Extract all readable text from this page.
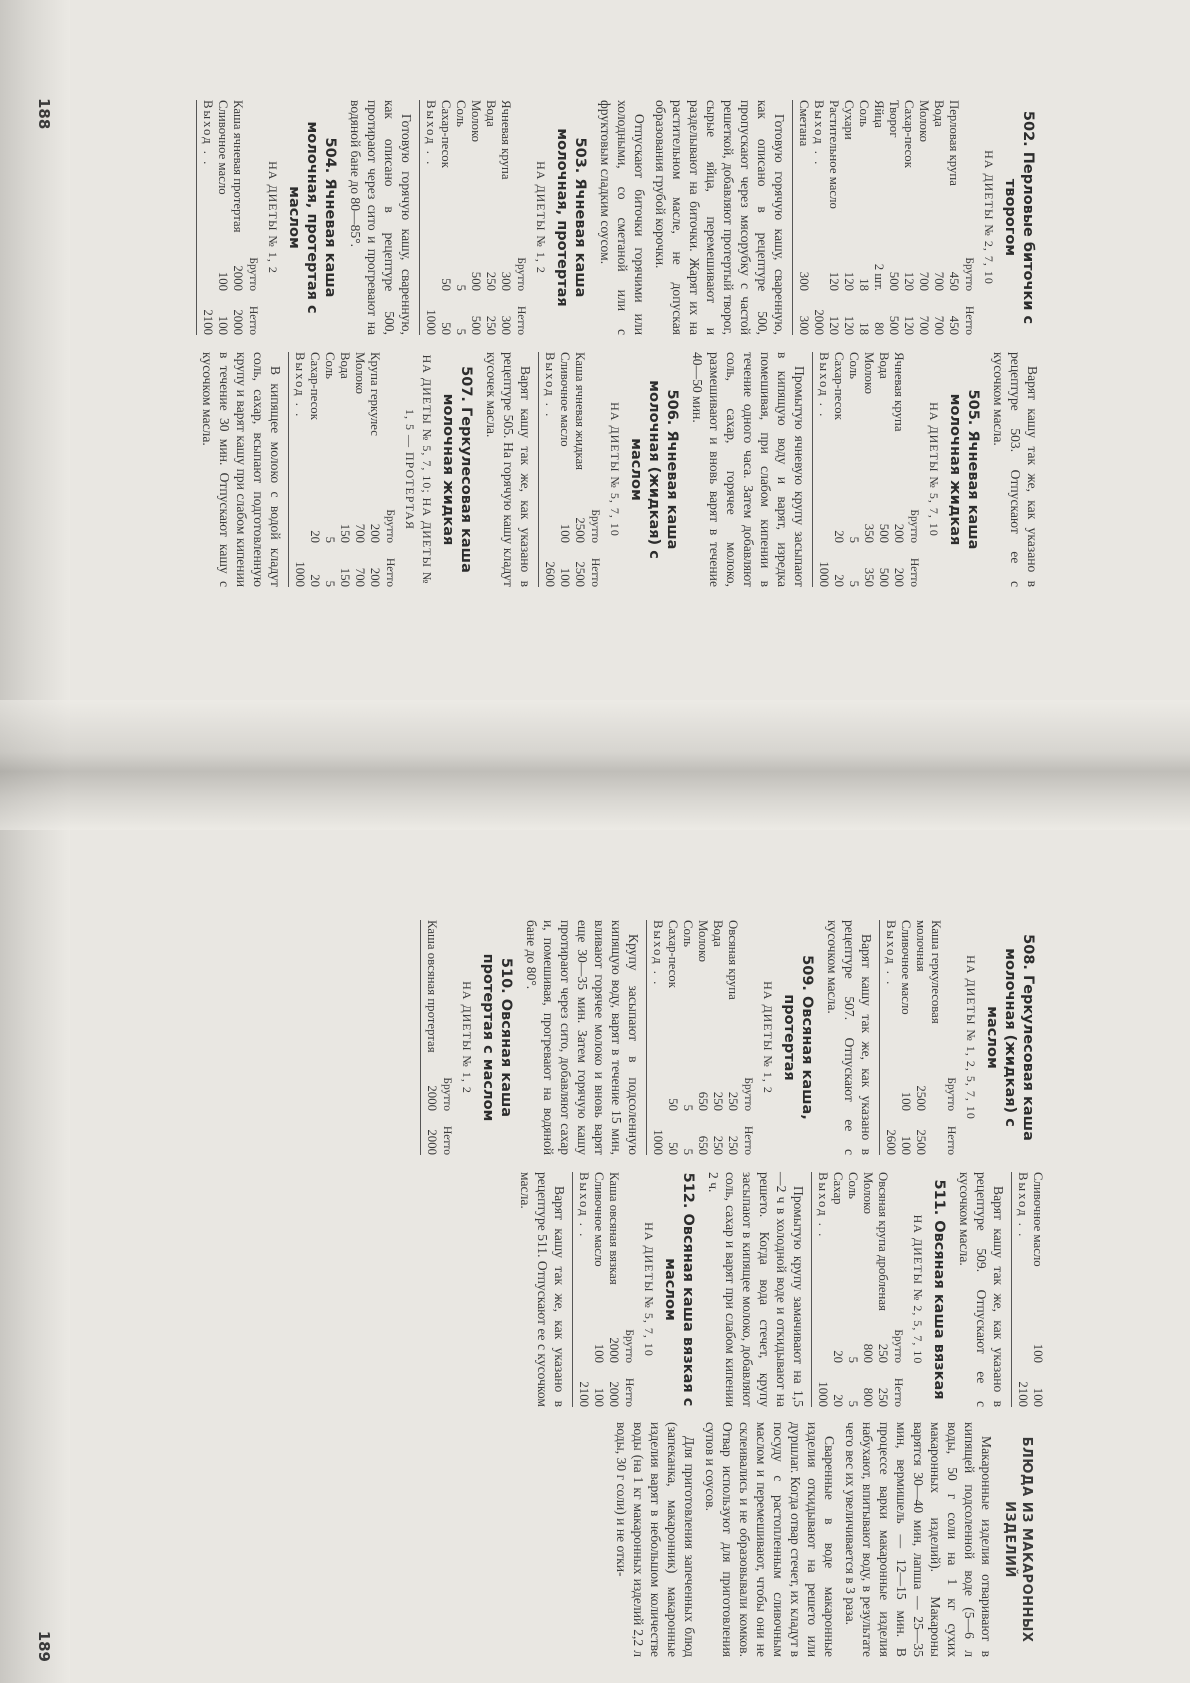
502. Перловые биточки с творогом
НА ДИЕТЫ № 2, 7, 10
	Брутто	Нетто
Перловая крупа	450	450
Вода	700	700
Молоко	700	700
Сахар-песок	120	120
Творог	500	500
Яйца	2 шт.	80
Соль	18	18
Сухари	120	120
Растительное масло	120	120
Выход . .		2000
Сметана	300	300

Готовую горячую кашу, сваренную, как описано в рецептуре 500, пропускают через мясорубку с частой решеткой, добавляют протертый творог, сырые яйца, перемешивают и разделывают на биточки. Жарят их на растительном масле, не допуская образования грубой корочки.

Отпускают биточки горячими или холодными, со сметаной или с фруктовым сладким соусом.

503. Ячневая каша молочная, протертая
НА ДИЕТЫ № 1, 2
	Брутто	Нетто
Ячневая крупа	300	300
Вода	250	250
Молоко	500	500
Соль	5	5
Сахар-песок	50	50
Выход . .		1000

Готовую горячую кашу, сваренную, как описано в рецептуре 500, протирают через сито и прогревают на водяной бане до 80—85°.

504. Ячневая каша молочная, протертая с маслом
НА ДИЕТЫ № 1, 2
	Брутто	Нетто
Каша ячневая протертая	2000	2000
Сливочное масло	100	100
Выход . .		2100

Варят кашу так же, как указано в рецептуре 503. Отпускают ее с кусочком масла.

505. Ячневая каша молочная жидкая
НА ДИЕТЫ № 5, 7, 10
	Брутто	Нетто
Ячневая крупа	200	200
Вода	500	500
Молоко	350	350
Соль	5	5
Сахар-песок	20	20
Выход . .		1000

Промытую ячневую крупу засыпают в кипящую воду и варят, изредка помешивая, при слабом кипении в течение одного часа. Затем добавляют соль, сахар, горячее молоко, размешивают и вновь варят в течение 40—50 мин.

506. Ячневая каша молочная (жидкая) с маслом
НА ДИЕТЫ № 5, 7, 10
	Брутто	Нетто
Каша ячневая жидкая	2500	2500
Сливочное масло	100	100
Выход . .		2600

Варят кашу так же, как указано в рецептуре 505. На горячую кашу кладут кусочек масла.

507. Геркулесовая каша молочная жидкая
НА ДИЕТЫ № 5, 7, 10; НА ДИЕТЫ № 1, 5 — ПРОТЕРТАЯ
	Брутто	Нетто
Крупа геркулес	200	200
Молоко	700	700
Вода	150	150
Соль	5	5
Сахар-песок	20	20
Выход . .		1000

В кипящее молоко с водой кладут соль, сахар, всыпают подготовленную крупу и варят кашу при слабом кипении в течение 30 мин. Отпускают кашу с кусочком масла.

188
508. Геркулесовая каша молочная (жидкая) с маслом
НА ДИЕТЫ № 1, 2, 5, 7, 10
	Брутто	Нетто
Каша геркулесовая молочная	2500	2500
Сливочное масло	100	100
Выход . .		2600

Варят кашу так же, как указано в рецептуре 507. Отпускают ее с кусочком масла.

509. Овсяная каша, протертая
НА ДИЕТЫ № 1, 2
	Брутто	Нетто
Овсяная крупа	250	250
Вода	250	250
Молоко	650	650
Соль	5	5
Сахар-песок	50	50
Выход . .		1000

Крупу засыпают в подсоленную кипящую воду, варят в течение 15 мин, вливают горячее молоко и вновь варят еще 30—35 мин. Затем горячую кашу протирают через сито, добавляют сахар и, помешивая, прогревают на водяной бане до 80°.

510. Овсяная каша протертая с маслом
НА ДИЕТЫ № 1, 2
	Брутто	Нетто
Каша овсяная протертая	2000	2000
Сливочное масло	100	100
Выход . .		2100

Варят кашу так же, как указано в рецептуре 509. Отпускают ее с кусочком масла.

511. Овсяная каша вязкая
НА ДИЕТЫ № 2, 5, 7, 10
	Брутто	Нетто
Овсяная крупа дробленая	250	250
Молоко	800	800
Соль	5	5
Сахар	20	20
Выход . .		1000

Промытую крупу замачивают на 1,5—2 ч в холодной воде и откидывают на решето. Когда вода стечет, крупу засыпают в кипящее молоко, добавляют соль, сахар и варят при слабом кипении 2 ч.

512. Овсяная каша вязкая с маслом
НА ДИЕТЫ № 5, 7, 10
	Брутто	Нетто
Каша овсяная вязкая	2000	2000
Сливочное масло	100	100
Выход . .		2100

Варят кашу так же, как указано в рецептуре 511. Отпускают ее с кусочком масла.

БЛЮДА ИЗ МАКАРОННЫХ ИЗДЕЛИЙ

Макаронные изделия отваривают в кипящей подсоленной воде (5—6 л воды, 50 г соли на 1 кг сухих макаронных изделий). Макароны варятся 30—40 мин, лапша — 25—35 мин, вермишель — 12—15 мин. В процессе варки макаронные изделия набухают, впитывают воду, в результате чего вес их увеличивается в 3 раза.

Сваренные в воде макаронные изделия откидывают на решето или дуршлаг. Когда отвар стечет, их кладут в посуду с растопленным сливочным маслом и перемешивают, чтобы они не склеивались и не образовывали комков. Отвар используют для приготовления супов и соусов.

Для приготовления запеченных блюд (запеканка, макаронник) макаронные изделия варят в небольшом количестве воды (на 1 кг макаронных изделий 2,2 л воды, 30 г соли) и не отки-

189
